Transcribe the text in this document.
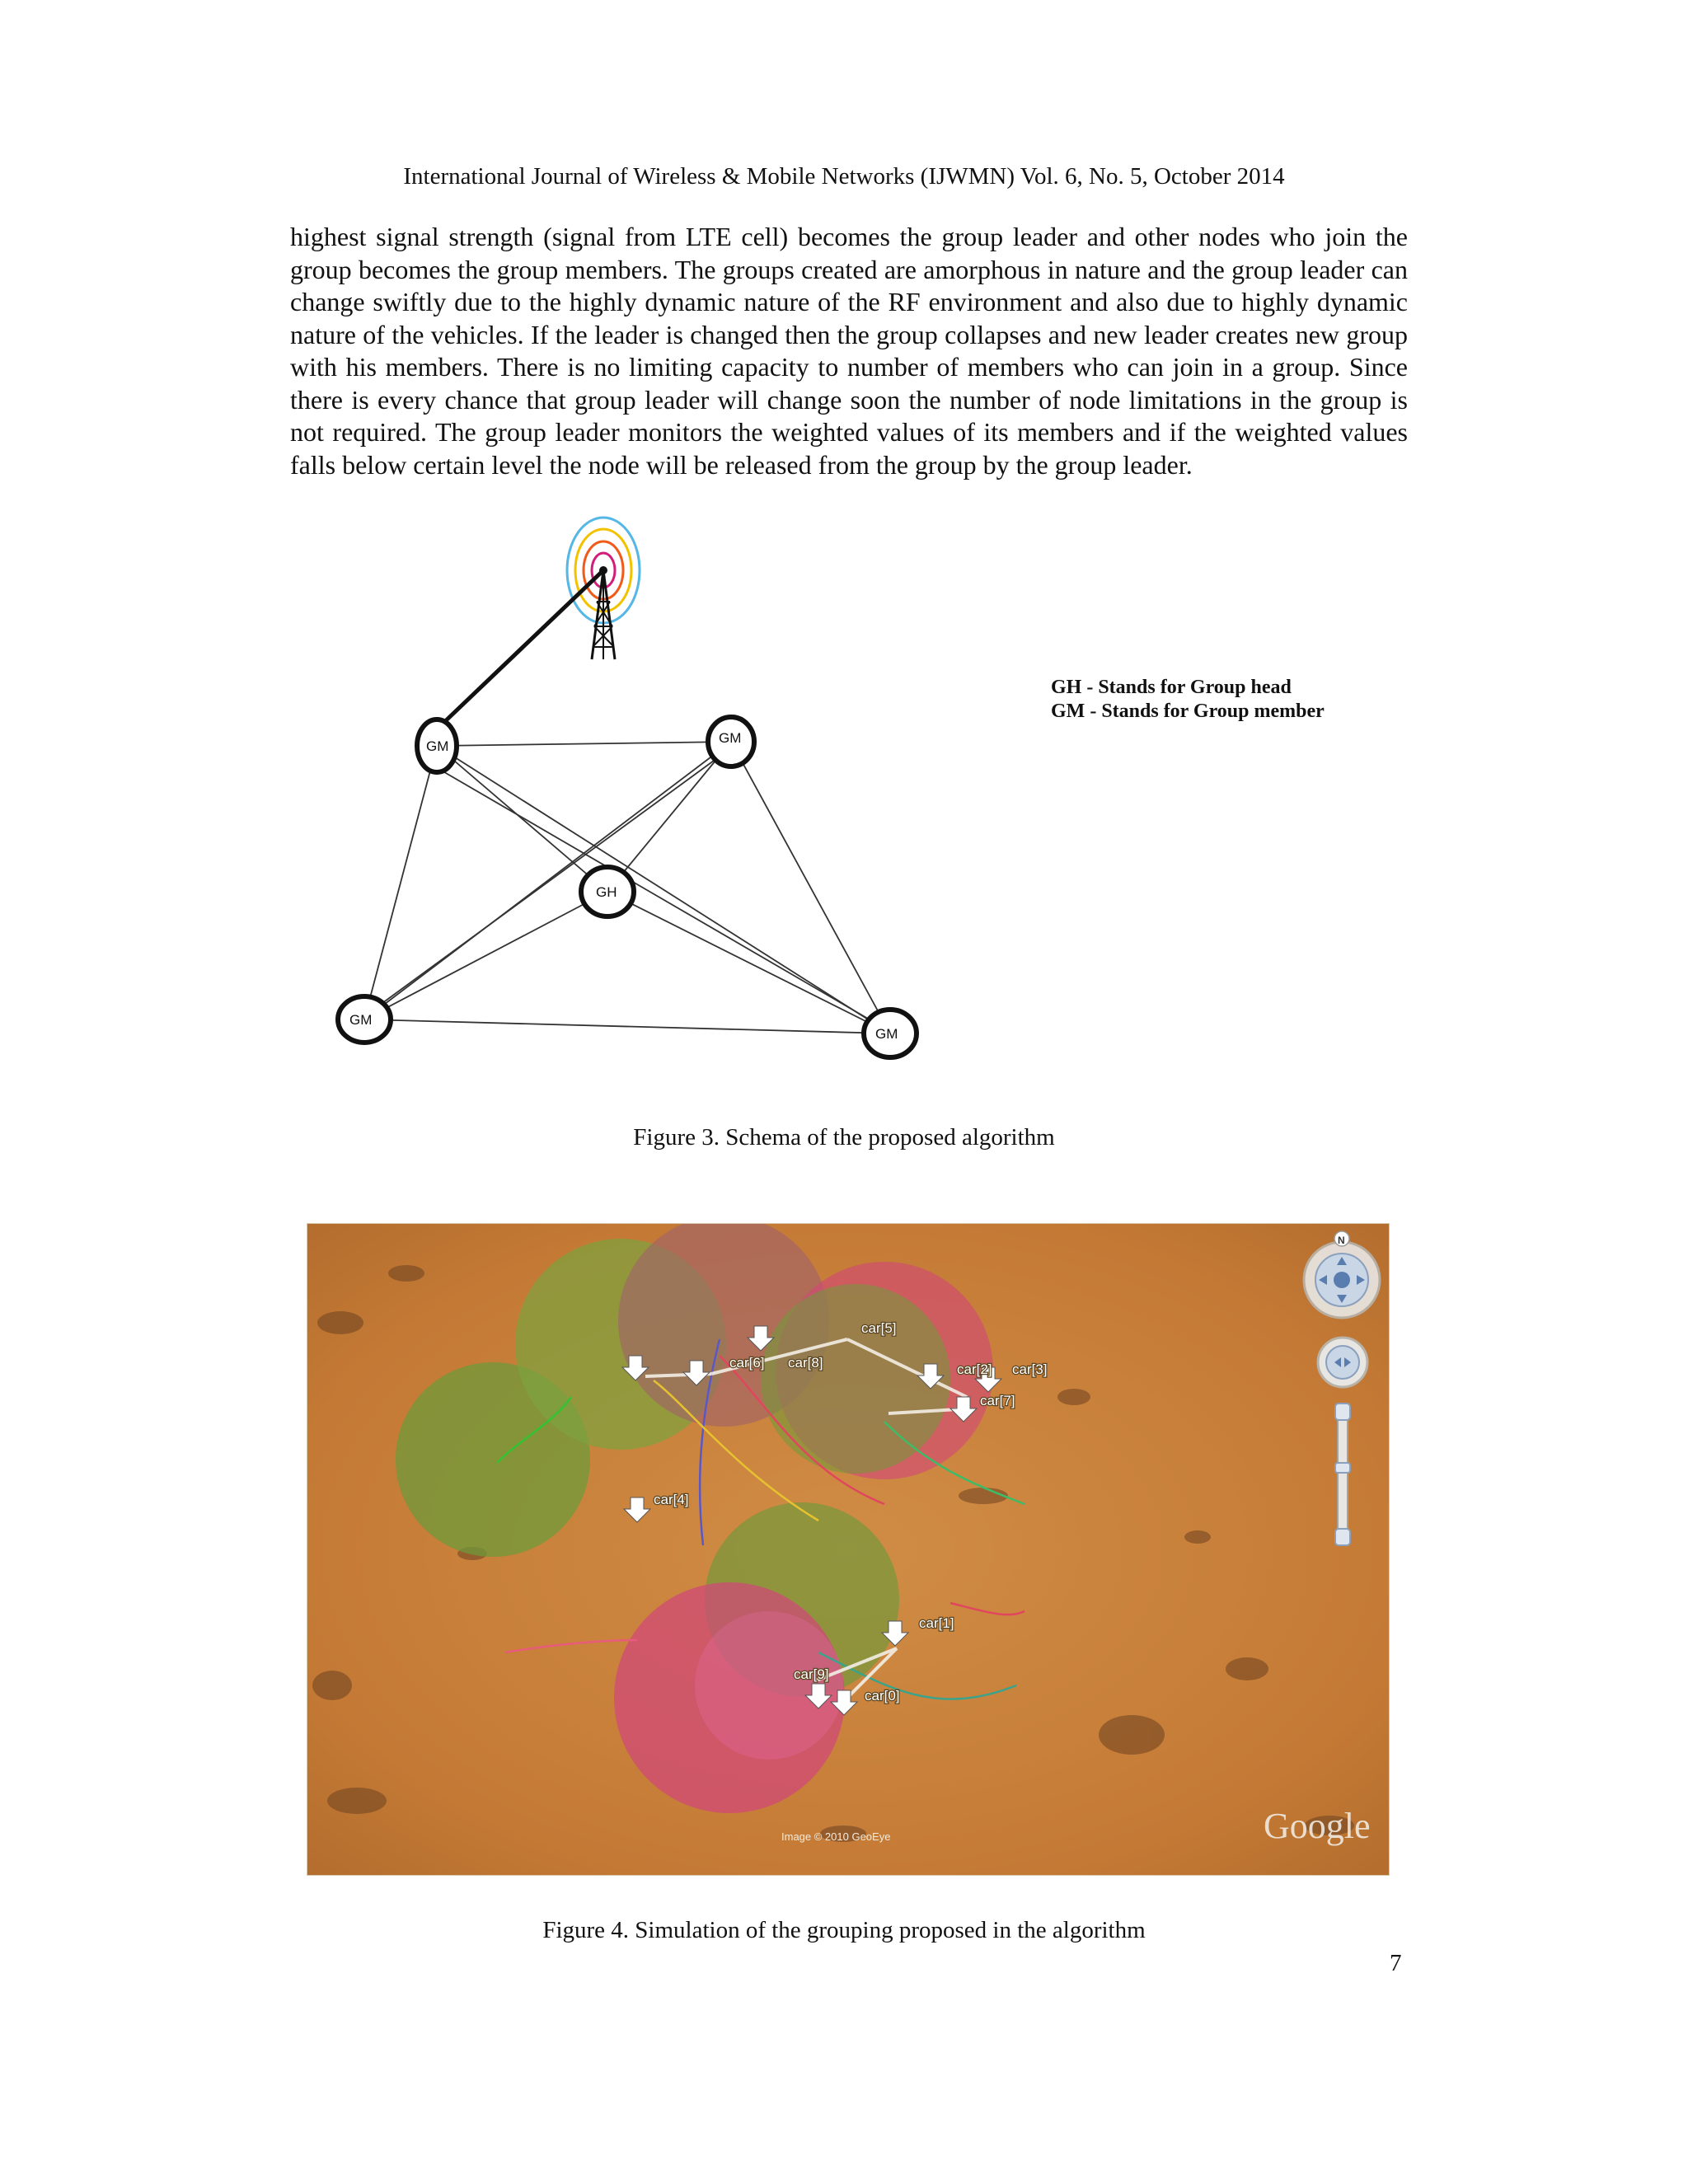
International Journal of Wireless & Mobile Networks (IJWMN) Vol. 6, No. 5, October 2014

highest signal strength (signal from LTE cell) becomes the group leader and other nodes who join the group becomes the group members. The groups created are amorphous in nature and the group leader can change swiftly due to the highly dynamic nature of the RF environment and also due to highly dynamic nature of the vehicles. If the leader is changed then the group collapses and new leader creates new group with his members. There is no limiting capacity to number of members who can join in a group. Since there is every chance that group leader will change soon the number of node limitations in the group is not required. The group leader monitors the weighted values of its members and if the weighted values falls below certain level the node will be released from the group by the group leader.

GM
GM
GH
GM
GM
GH - Stands for Group head
GM - Stands for Group member
Figure 3. Schema of the proposed algorithm
car[6] car[8]
car[5]
car[2] car[3]
car[7]
car[4]
car[1]
car[9]
car[0]
N
Image © 2010 GeoEye	Google
Figure 4. Simulation of the grouping proposed in the algorithm
7
